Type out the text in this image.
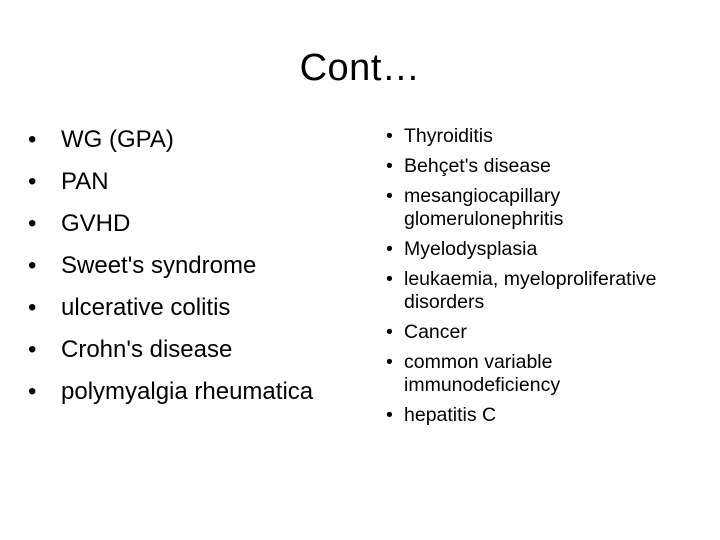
Cont…
• WG (GPA)
• PAN
• GVHD
• Sweet's syndrome
• ulcerative colitis
• Crohn's disease
• polymyalgia rheumatica
• Thyroiditis
• Behçet's disease
• mesangiocapillary glomerulonephritis
• Myelodysplasia
• leukaemia, myeloproliferative disorders
• Cancer
• common variable immunodeficiency
• hepatitis C
